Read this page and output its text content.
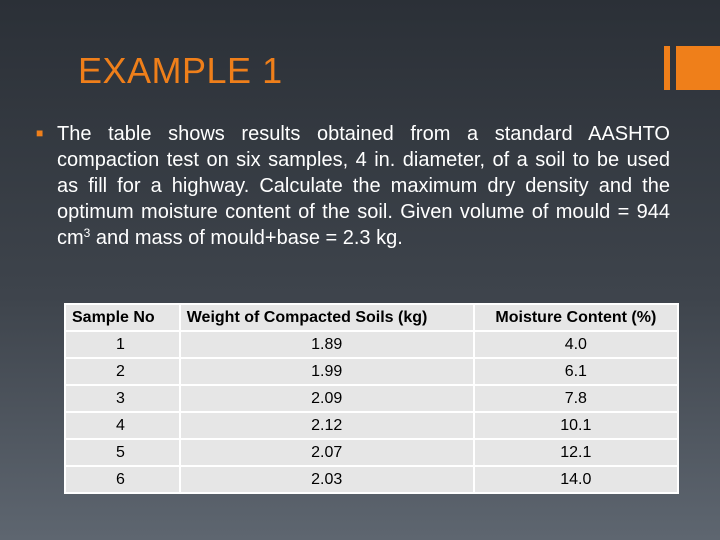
EXAMPLE 1
■ The table shows results obtained from a standard AASHTO compaction test on six samples, 4 in. diameter, of a soil to be used as fill for a highway. Calculate the maximum dry density and the optimum moisture content of the soil. Given volume of mould = 944 $cm^3$ and mass of mould+base = 2.3 kg.
Sample No	Weight of Compacted Soils (kg)	Moisture Content (%)
1	1.89	4.0
2	1.99	6.1
3	2.09	7.8
4	2.12	10.1
5	2.07	12.1
6	2.03	14.0
